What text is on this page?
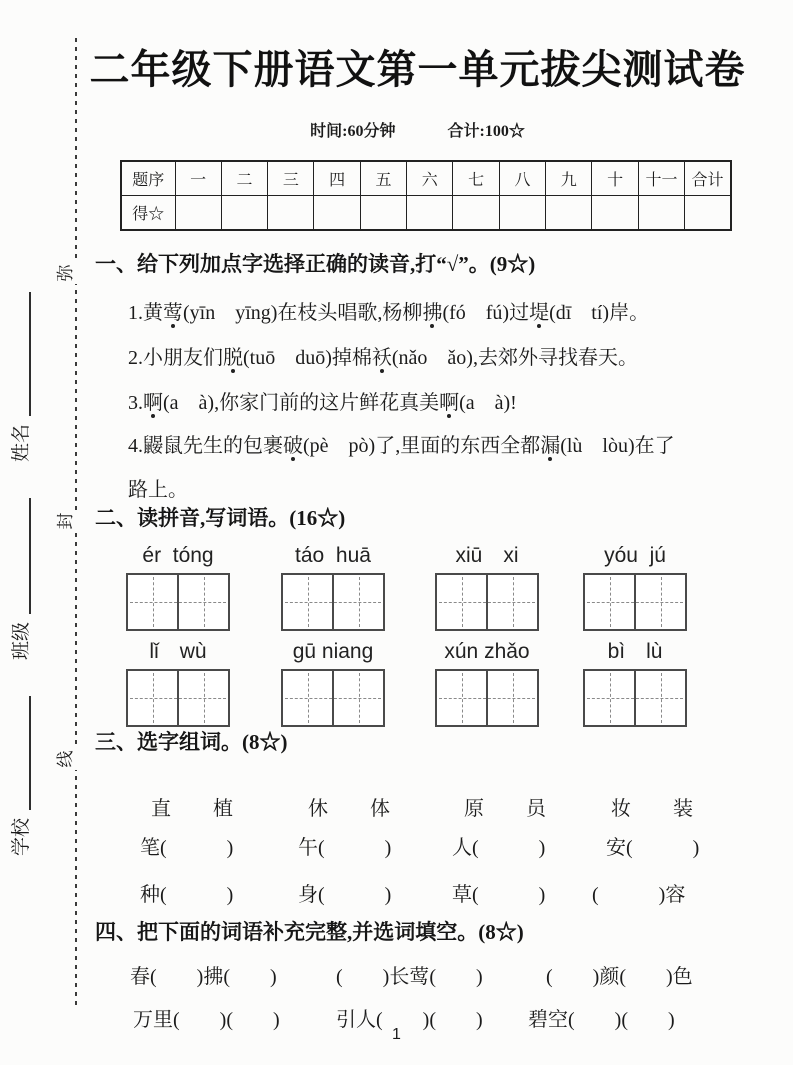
弥
封
线
姓名
班级
学校
二年级下册语文第一单元拔尖测试卷
时间:60分钟	合计:100☆
题序	一	二	三	四	五	六	七	八	九	十	十一	合计
得☆												
一、给下列加点字选择正确的读音,打“√”。(9☆)
1.黄莺(yīn　yīng)在枝头唱歌,杨柳拂(fó　fú)过堤(dī　tí)岸。
2.小朋友们脱(tuō　duō)掉棉袄(nǎo　ǎo),去郊外寻找春天。
3.啊(a　à),你家门前的这片鲜花真美啊(a　à)!
4.鼹鼠先生的包裹破(pè　pò)了,里面的东西全都漏(lù　lòu)在了
路上。
二、读拼音,写词语。(16☆)
ér  tóng	táo  huā	xiū　xi	yóu  jú
lǐ　wù	gū niang	xún zhǎo	bì　lù
三、选字组词。(8☆)
直 植	休 体	原 员	妆 装
笔(　　　)	午(　　　)	人(　　　)	安(　　　)
种(　　　)	身(　　　)	草(　　　) (　　　)容
四、把下面的词语补充完整,并选词填空。(8☆)
春(　　)拂(　　)	(　　)长莺(　　)	(　　)颜(　　)色
万里(　　)(　　)	引人(　　)(　　) 碧空(　　)(　　)
1
